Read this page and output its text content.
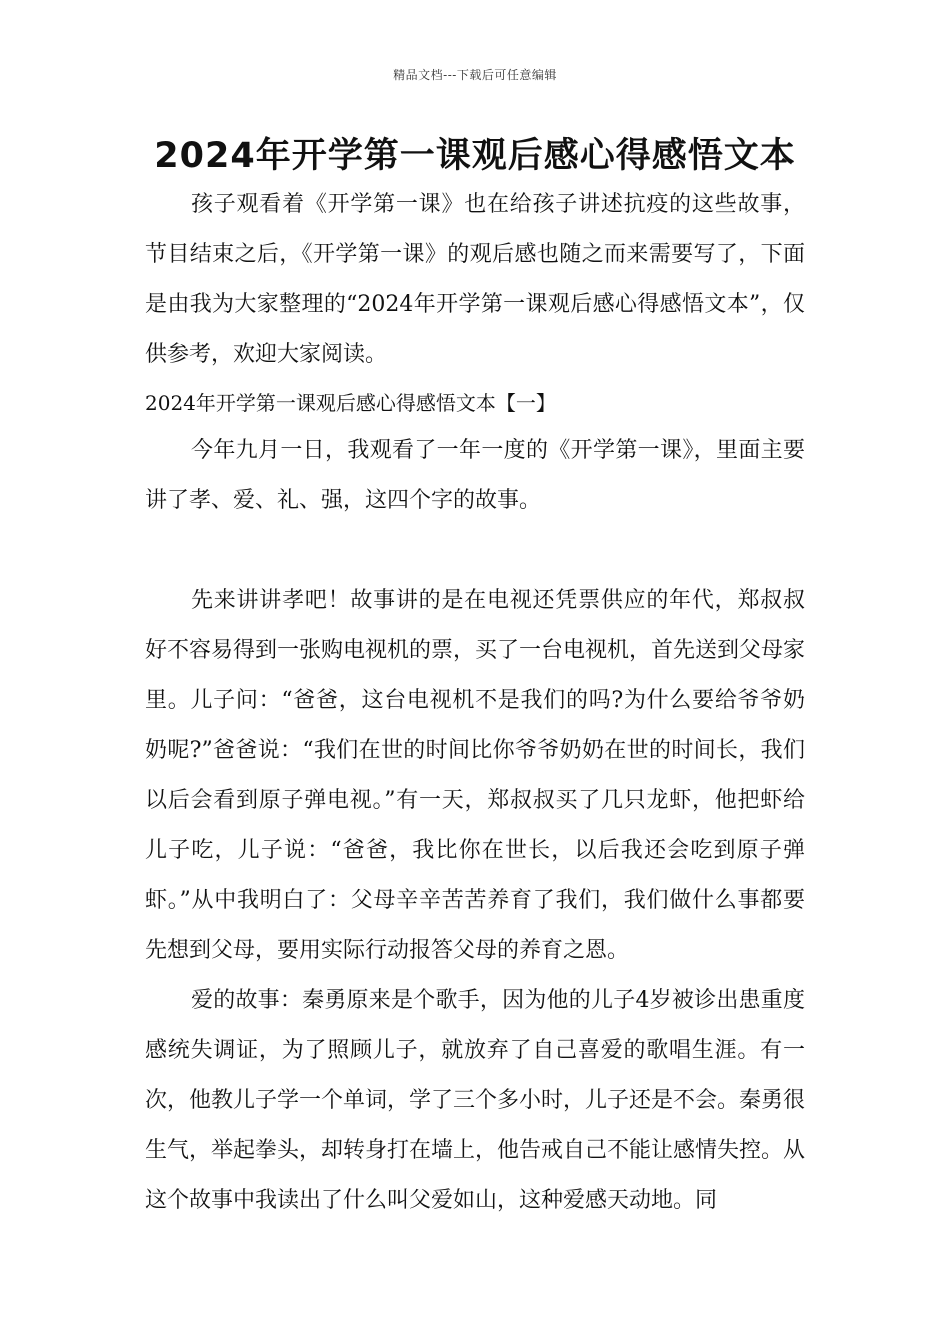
精品文档---下载后可任意编辑
2024年开学第一课观后感心得感悟文本

孩子观看着《开学第一课》也在给孩子讲述抗疫的这些故事，节目结束之后，《开学第一课》的观后感也随之而来需要写了，下面是由我为大家整理的“2024年开学第一课观后感心得感悟文本”，仅供参考，欢迎大家阅读。

2024年开学第一课观后感心得感悟文本【一】

今年九月一日，我观看了一年一度的《开学第一课》，里面主要讲了孝、爱、礼、强，这四个字的故事。

先来讲讲孝吧！故事讲的是在电视还凭票供应的年代，郑叔叔好不容易得到一张购电视机的票，买了一台电视机，首先送到父母家里。儿子问：“爸爸，这台电视机不是我们的吗?为什么要给爷爷奶奶呢?”爸爸说：“我们在世的时间比你爷爷奶奶在世的时间长，我们以后会看到原子弹电视。”有一天，郑叔叔买了几只龙虾，他把虾给儿子吃，儿子说：“爸爸，我比你在世长，以后我还会吃到原子弹虾。”从中我明白了：父母辛辛苦苦养育了我们，我们做什么事都要先想到父母，要用实际行动报答父母的养育之恩。

爱的故事：秦勇原来是个歌手，因为他的儿子4岁被诊出患重度感统失调证，为了照顾儿子，就放弃了自己喜爱的歌唱生涯。有一次，他教儿子学一个单词，学了三个多小时，儿子还是不会。秦勇很生气，举起拳头，却转身打在墙上，他告戒自己不能让感情失控。从这个故事中我读出了什么叫父爱如山，这种爱感天动地。同
